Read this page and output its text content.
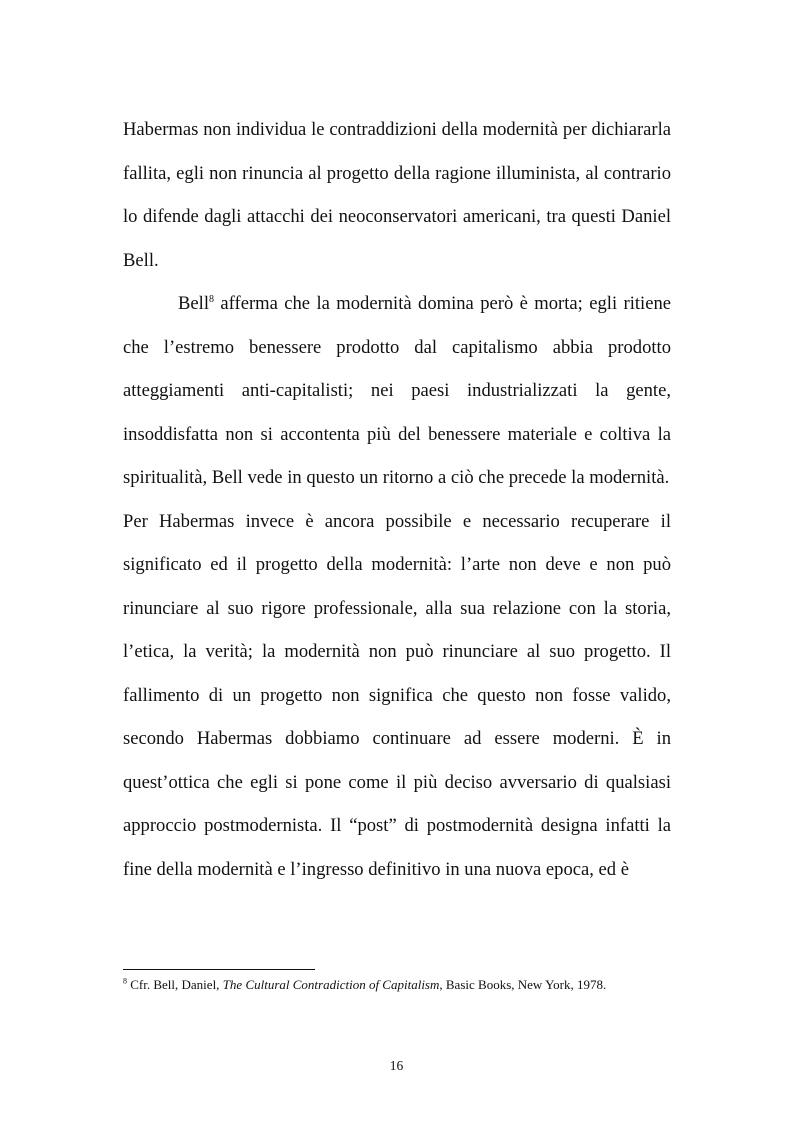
Habermas non individua le contraddizioni della modernità per dichiararla fallita, egli non rinuncia al progetto della ragione illuminista, al contrario lo difende dagli attacchi dei neoconservatori americani, tra questi Daniel Bell.

Bell$^8$ afferma che la modernità domina però è morta; egli ritiene che l’estremo benessere prodotto dal capitalismo abbia prodotto atteggiamenti anti-capitalisti; nei paesi industrializzati la gente, insoddisfatta non si accontenta più del benessere materiale e coltiva la spiritualità, Bell vede in questo un ritorno a ciò che precede la modernità.

Per Habermas invece è ancora possibile e necessario recuperare il significato ed il progetto della modernità: l’arte non deve e non può rinunciare al suo rigore professionale, alla sua relazione con la storia, l’etica, la verità; la modernità non può rinunciare al suo progetto. Il fallimento di un progetto non significa che questo non fosse valido, secondo Habermas dobbiamo continuare ad essere moderni. È in quest’ottica che egli si pone come il più deciso avversario di qualsiasi approccio postmodernista. Il “post” di postmodernità designa infatti la fine della modernità e l’ingresso definitivo in una nuova epoca, ed è

$^8$ Cfr. Bell, Daniel, The Cultural Contradiction of Capitalism, Basic Books, New York, 1978.

16
